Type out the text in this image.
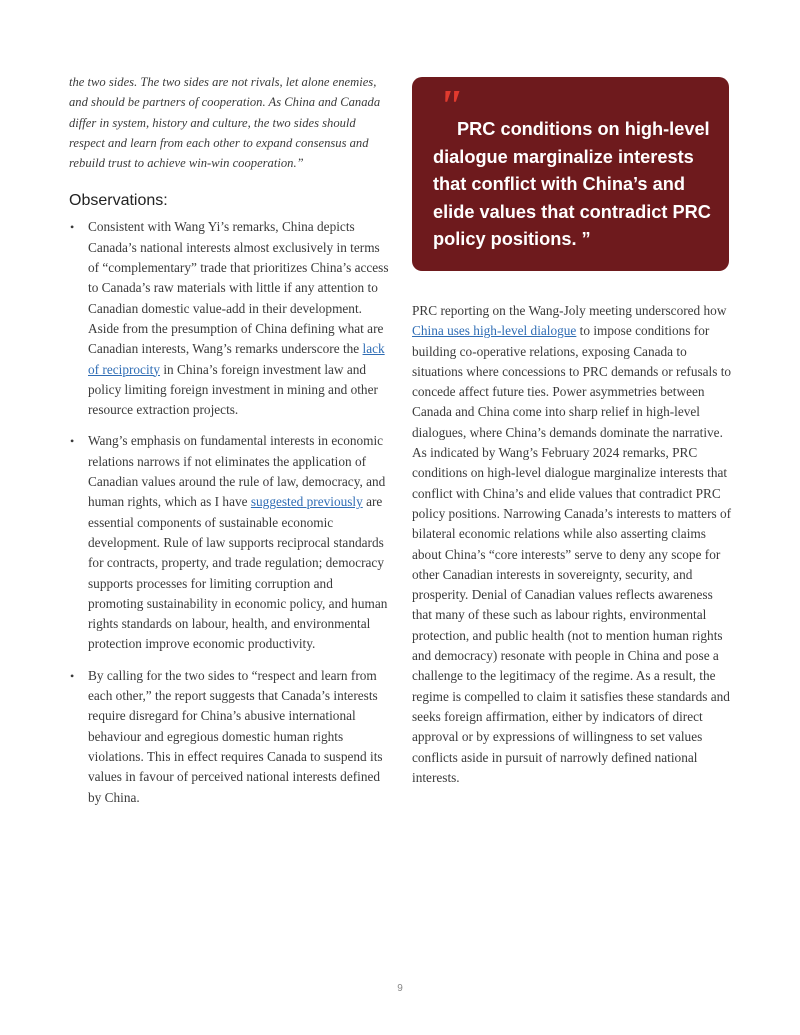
the two sides. The two sides are not rivals, let alone enemies, and should be partners of cooperation. As China and Canada differ in system, history and culture, the two sides should respect and learn from each other to expand consensus and rebuild trust to achieve win-win cooperation.”

Observations:
• Consistent with Wang Yi’s remarks, China depicts Canada’s national interests almost exclusively in terms of “complementary” trade that prioritizes China’s access to Canada’s raw materials with little if any attention to Canadian domestic value-add in their development. Aside from the presumption of China defining what are Canadian interests, Wang’s remarks underscore the lack of reciprocity in China’s foreign investment law and policy limiting foreign investment in mining and other resource extraction projects.
• Wang’s emphasis on fundamental interests in economic relations narrows if not eliminates the application of Canadian values around the rule of law, democracy, and human rights, which as I have suggested previously are essential components of sustainable economic development. Rule of law supports reciprocal standards for contracts, property, and trade regulation; democracy supports processes for limiting corruption and promoting sustainability in economic policy, and human rights standards on labour, health, and environmental protection improve economic productivity.
• By calling for the two sides to “respect and learn from each other,” the report suggests that Canada’s interests require disregard for China’s abusive international behaviour and egregious domestic human rights violations. This in effect requires Canada to suspend its values in favour of perceived national interests defined by China.
"
PRC conditions on high-level dialogue marginalize interests that conflict with China’s and elide values that contradict PRC policy positions. ”

PRC reporting on the Wang-Joly meeting underscored how China uses high-level dialogue to impose conditions for building co-operative relations, exposing Canada to situations where concessions to PRC demands or refusals to concede affect future ties. Power asymmetries between Canada and China come into sharp relief in high-level dialogues, where China’s demands dominate the narrative. As indicated by Wang’s February 2024 remarks, PRC conditions on high-level dialogue marginalize interests that conflict with China’s and elide values that contradict PRC policy positions. Narrowing Canada’s interests to matters of bilateral economic relations while also asserting claims about China’s “core interests” serve to deny any scope for other Canadian interests in sovereignty, security, and prosperity. Denial of Canadian values reflects awareness that many of these such as labour rights, environmental protection, and public health (not to mention human rights and democracy) resonate with people in China and pose a challenge to the legitimacy of the regime. As a result, the regime is compelled to claim it satisfies these standards and seeks foreign affirmation, either by indicators of direct approval or by expressions of willingness to set values conflicts aside in pursuit of narrowly defined national interests.

9
